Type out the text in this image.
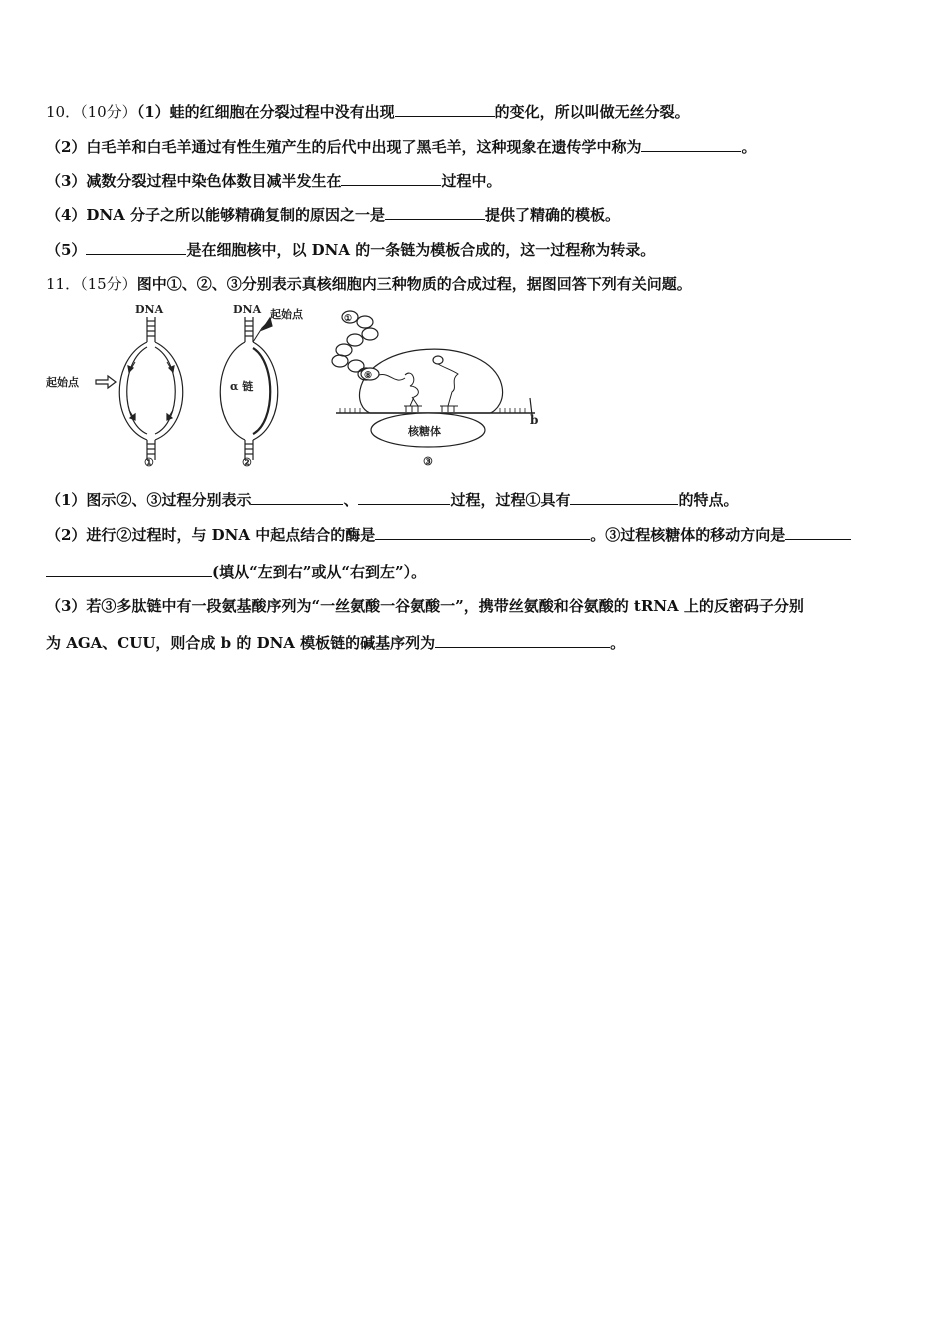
10．（10分）（1）蛙的红细胞在分裂过程中没有出现	的变化，所以叫做无丝分裂。
（2）白毛羊和白毛羊通过有性生殖产生的后代中出现了黑毛羊，这种现象在遗传学中称为	。
（3）减数分裂过程中染色体数目减半发生在	过程中。
（4）DNA 分子之所以能够精确复制的原因之一是	提供了精确的模板。
（5）	是在细胞核中，以 DNA 的一条链为模板合成的，这一过程称为转录。
11．（15分）图中①、②、③分别表示真核细胞内三种物质的合成过程，据图回答下列有关问题。
DNA
起始点
①
DNA 起始点
α 链
②
①
⑧
核糖体
b
③
（1）图示②、③过程分别表示	、	过程，过程①具有	的特点。
（2）进行②过程时，与 DNA 中起点结合的酶是	。③过程核糖体的移动方向是
(填从“左到右”或从“右到左”）。
（3）若③多肽链中有一段氨基酸序列为“一丝氨酸一谷氨酸一”，携带丝氨酸和谷氨酸的 tRNA 上的反密码子分别
为 AGA、CUU，则合成 b 的 DNA 模板链的碱基序列为	。
